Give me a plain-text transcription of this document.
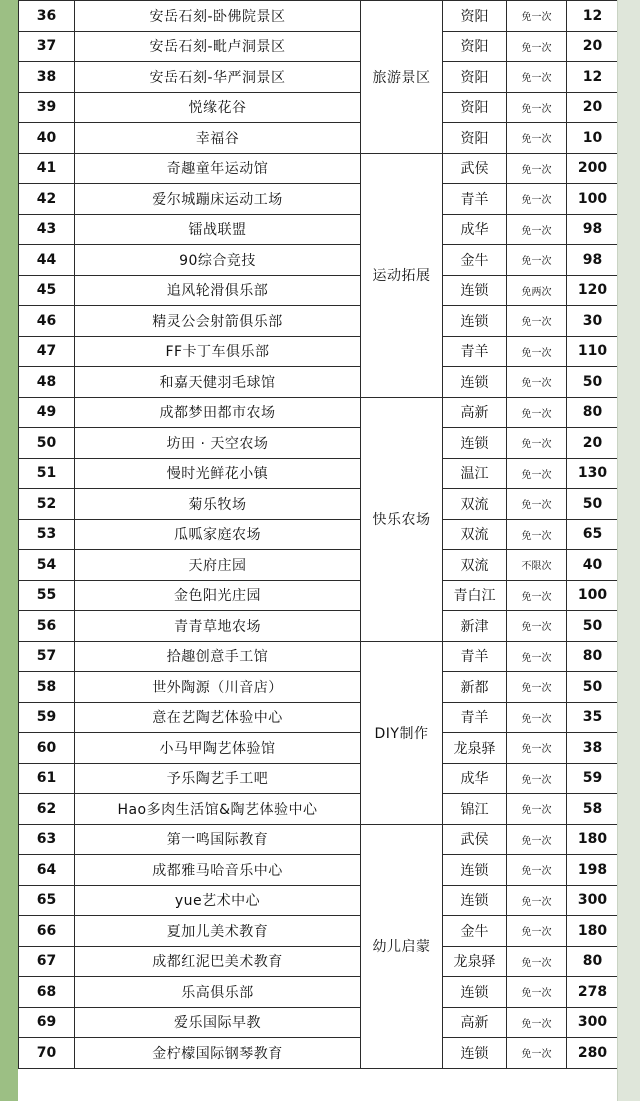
36	安岳石刻-卧佛院景区	旅游景区	资阳	免一次	12
37	安岳石刻-毗卢洞景区		资阳	免一次	20
38	安岳石刻-华严洞景区		资阳	免一次	12
39	悦缘花谷		资阳	免一次	20
40	幸福谷		资阳	免一次	10
41	奇趣童年运动馆	运动拓展	武侯	免一次	200
42	爱尔城蹦床运动工场		青羊	免一次	100
43	镭战联盟		成华	免一次	98
44	90综合竞技		金牛	免一次	98
45	追风轮滑俱乐部		连锁	免两次	120
46	精灵公会射箭俱乐部		连锁	免一次	30
47	FF卡丁车俱乐部		青羊	免一次	110
48	和嘉天健羽毛球馆		连锁	免一次	50
49	成都梦田都市农场	快乐农场	高新	免一次	80
50	坊田 · 天空农场		连锁	免一次	20
51	慢时光鲜花小镇		温江	免一次	130
52	菊乐牧场		双流	免一次	50
53	瓜呱家庭农场		双流	免一次	65
54	天府庄园		双流	不限次	40
55	金色阳光庄园		青白江	免一次	100
56	青青草地农场		新津	免一次	50
57	拾趣创意手工馆	DIY制作	青羊	免一次	80
58	世外陶源（川音店）		新都	免一次	50
59	意在艺陶艺体验中心		青羊	免一次	35
60	小马甲陶艺体验馆		龙泉驿	免一次	38
61	予乐陶艺手工吧		成华	免一次	59
62	Hao多肉生活馆&陶艺体验中心		锦江	免一次	58
63	第一鸣国际教育	幼儿启蒙	武侯	免一次	180
64	成都雅马哈音乐中心		连锁	免一次	198
65	yue艺术中心		连锁	免一次	300
66	夏加儿美术教育		金牛	免一次	180
67	成都红泥巴美术教育		龙泉驿	免一次	80
68	乐高俱乐部		连锁	免一次	278
69	爱乐国际早教		高新	免一次	300
70	金柠檬国际钢琴教育		连锁	免一次	280
